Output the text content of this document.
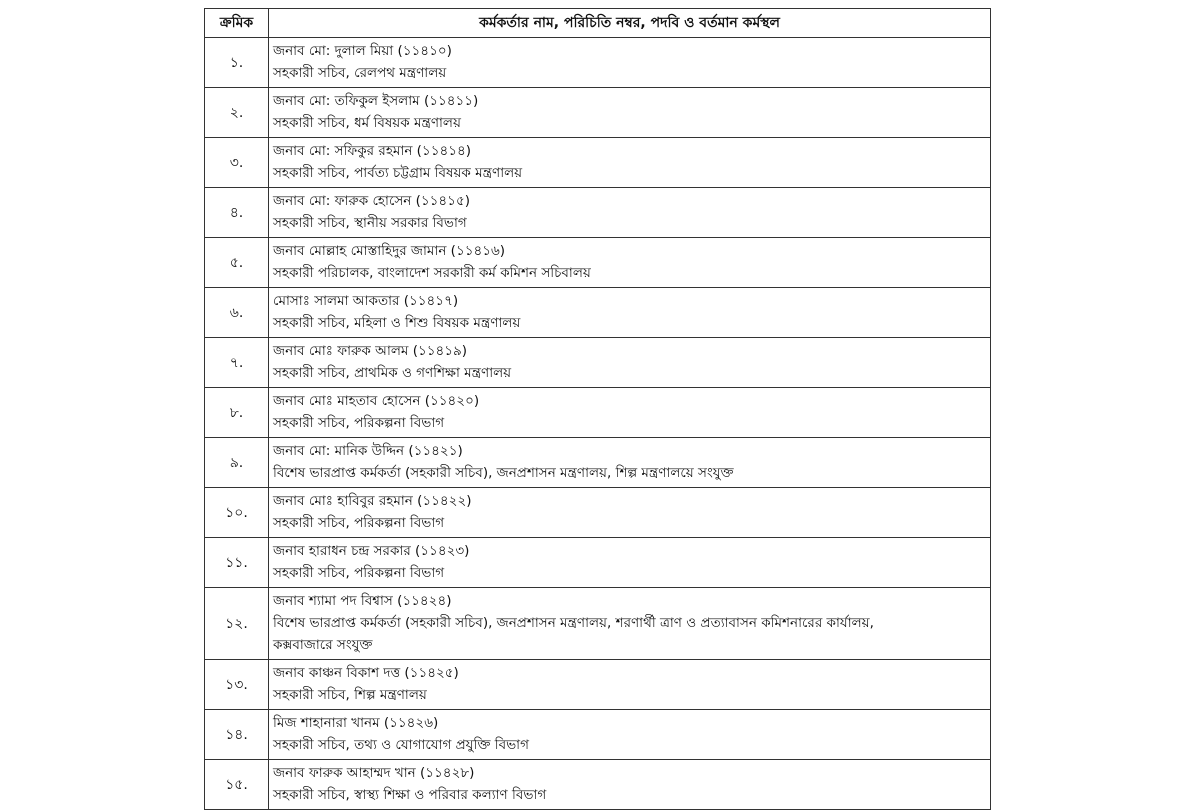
ক্রমিক	কর্মকর্তার নাম, পরিচিতি নম্বর, পদবি ও বর্তমান কর্মস্থল
১.	জনাব মো: দুলাল মিয়া (১১৪১০)
সহকারী সচিব, রেলপথ মন্ত্রণালয়

২.	জনাব মো: তফিকুল ইসলাম (১১৪১১)
সহকারী সচিব, ধর্ম বিষয়ক মন্ত্রণালয়

৩.	জনাব মো: সফিকুর রহমান (১১৪১৪)
সহকারী সচিব, পার্বত্য চট্টগ্রাম বিষয়ক মন্ত্রণালয়

৪.	জনাব মো: ফারুক হোসেন (১১৪১৫)
সহকারী সচিব, স্থানীয় সরকার বিভাগ

৫.	জনাব মোল্লাহ মোস্তাহিদুর জামান (১১৪১৬)
সহকারী পরিচালক, বাংলাদেশ সরকারী কর্ম কমিশন সচিবালয়

৬.	মোসাঃ সালমা আকতার (১১৪১৭)
সহকারী সচিব, মহিলা ও শিশু বিষয়ক মন্ত্রণালয়

৭.	জনাব মোঃ ফারুক আলম (১১৪১৯)
সহকারী সচিব, প্রাথমিক ও গণশিক্ষা মন্ত্রণালয়

৮.	জনাব মোঃ মাহতাব হোসেন (১১৪২০)
সহকারী সচিব, পরিকল্পনা বিভাগ

৯.	জনাব মো: মানিক উদ্দিন (১১৪২১)
বিশেষ ভারপ্রাপ্ত কর্মকর্তা (সহকারী সচিব), জনপ্রশাসন মন্ত্রণালয়, শিল্প মন্ত্রণালয়ে সংযুক্ত

১০.	জনাব মোঃ হাবিবুর রহমান (১১৪২২)
সহকারী সচিব, পরিকল্পনা বিভাগ

১১.	জনাব হারাধন চন্দ্র সরকার (১১৪২৩)
সহকারী সচিব, পরিকল্পনা বিভাগ

১২.	জনাব শ্যামা পদ বিশ্বাস (১১৪২৪)
বিশেষ ভারপ্রাপ্ত কর্মকর্তা (সহকারী সচিব), জনপ্রশাসন মন্ত্রণালয়, শরণার্থী ত্রাণ ও প্রত্যাবাসন কমিশনারের কার্যালয়,
কক্সবাজারে সংযুক্ত

১৩.	জনাব কাঞ্চন বিকাশ দত্ত (১১৪২৫)
সহকারী সচিব, শিল্প মন্ত্রণালয়

১৪.	মিজ শাহানারা খানম (১১৪২৬)
সহকারী সচিব, তথ্য ও যোগাযোগ প্রযুক্তি বিভাগ

১৫.	জনাব ফারুক আহাম্মদ খান (১১৪২৮)
সহকারী সচিব, স্বাস্থ্য শিক্ষা ও পরিবার কল্যাণ বিভাগ
